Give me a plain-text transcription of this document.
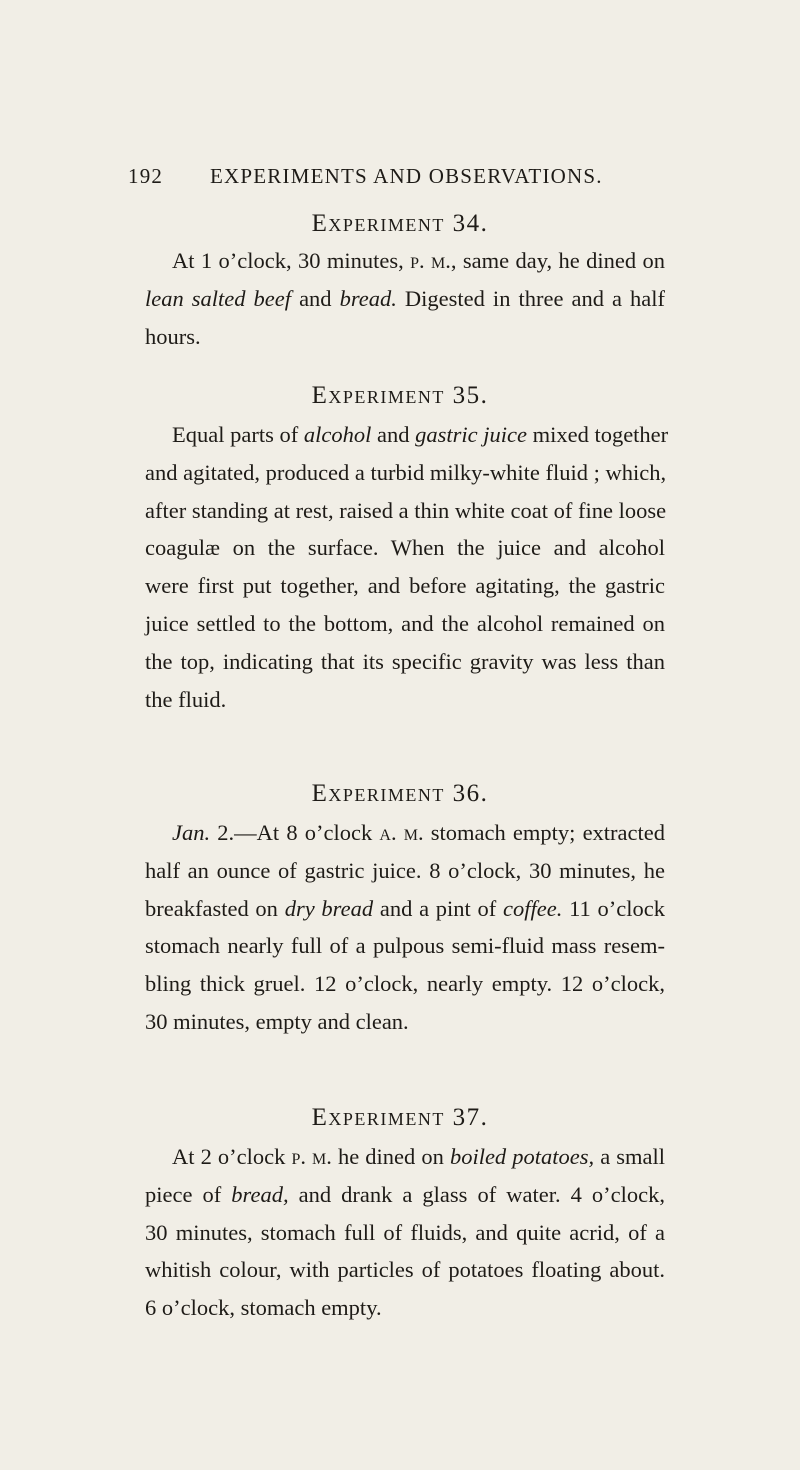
192 EXPERIMENTS AND OBSERVATIONS.
Experiment 34.
At 1 o’clock, 30 minutes, p. m., same day, he dined on
lean salted beef and bread. Digested in three and a half
hours.
Experiment 35.
Equal parts of alcohol and gastric juice mixed together
and agitated, produced a turbid milky-white fluid ; which,
after standing at rest, raised a thin white coat of fine loose
coagulæ on the surface. When the juice and alcohol
were first put together, and before agitating, the gastric
juice settled to the bottom, and the alcohol remained on
the top, indicating that its specific gravity was less than
the fluid.
Experiment 36.
Jan. 2.—At 8 o’clock a. m. stomach empty; extracted
half an ounce of gastric juice. 8 o’clock, 30 minutes, he
breakfasted on dry bread and a pint of coffee. 11 o’clock
stomach nearly full of a pulpous semi-fluid mass resem-
bling thick gruel. 12 o’clock, nearly empty. 12 o’clock,
30 minutes, empty and clean.
Experiment 37.
At 2 o’clock p. m. he dined on boiled potatoes, a small
piece of bread, and drank a glass of water. 4 o’clock,
30 minutes, stomach full of fluids, and quite acrid, of a
whitish colour, with particles of potatoes floating about.
6 o’clock, stomach empty.
